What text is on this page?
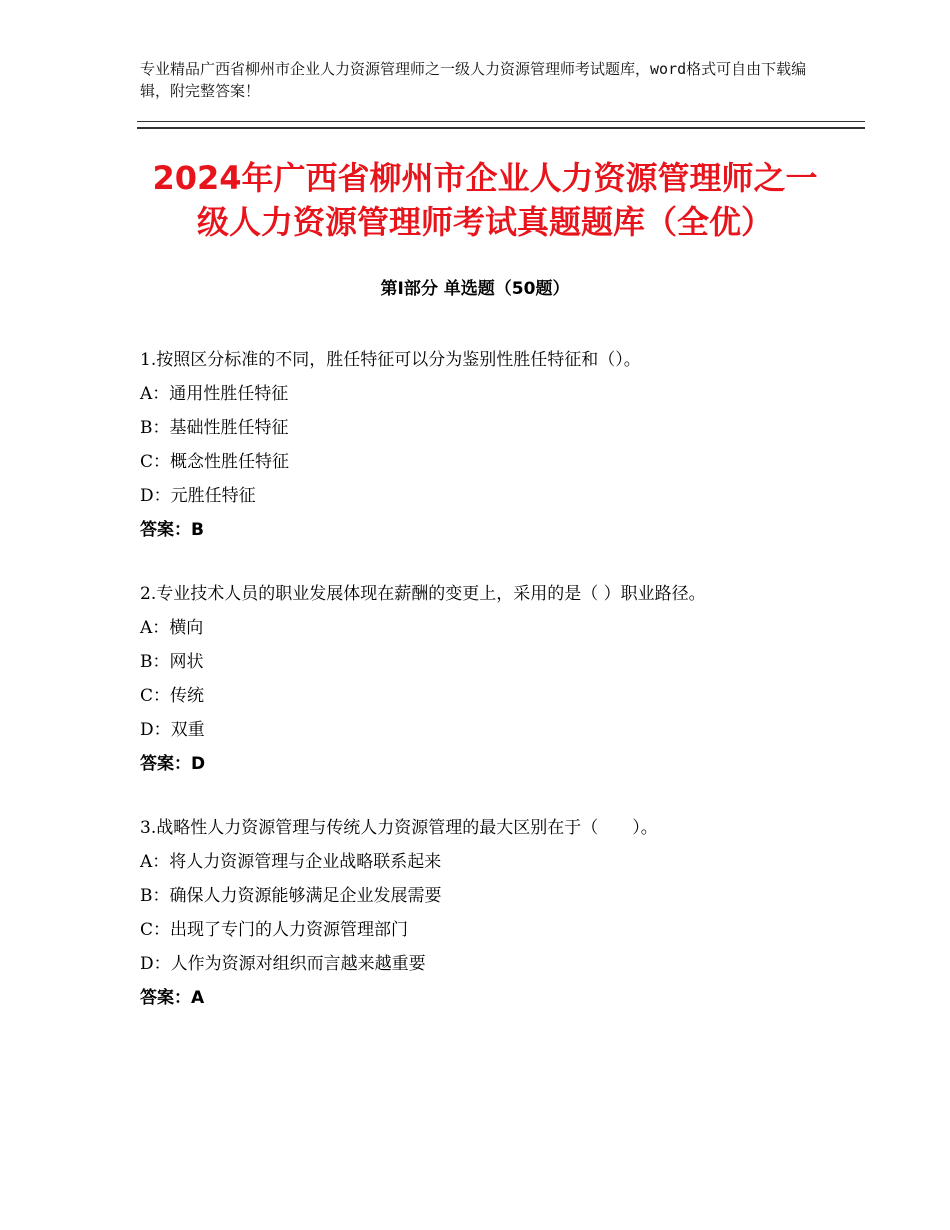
专业精品广西省柳州市企业人力资源管理师之一级人力资源管理师考试题库，word格式可自由下载编辑，附完整答案！
2024年广西省柳州市企业人力资源管理师之一级人力资源管理师考试真题题库（全优）
第Ⅰ部分 单选题（50题）

1.按照区分标准的不同，胜任特征可以分为鉴别性胜任特征和（）。

A：通用性胜任特征

B：基础性胜任特征

C：概念性胜任特征

D：元胜任特征

答案：B

2.专业技术人员的职业发展体现在薪酬的变更上，采用的是（ ）职业路径。

A：横向

B：网状

C：传统

D：双重

答案：D

3.战略性人力资源管理与传统人力资源管理的最大区别在于（　　）。

A：将人力资源管理与企业战略联系起来

B：确保人力资源能够满足企业发展需要

C：出现了专门的人力资源管理部门

D：人作为资源对组织而言越来越重要

答案：A
